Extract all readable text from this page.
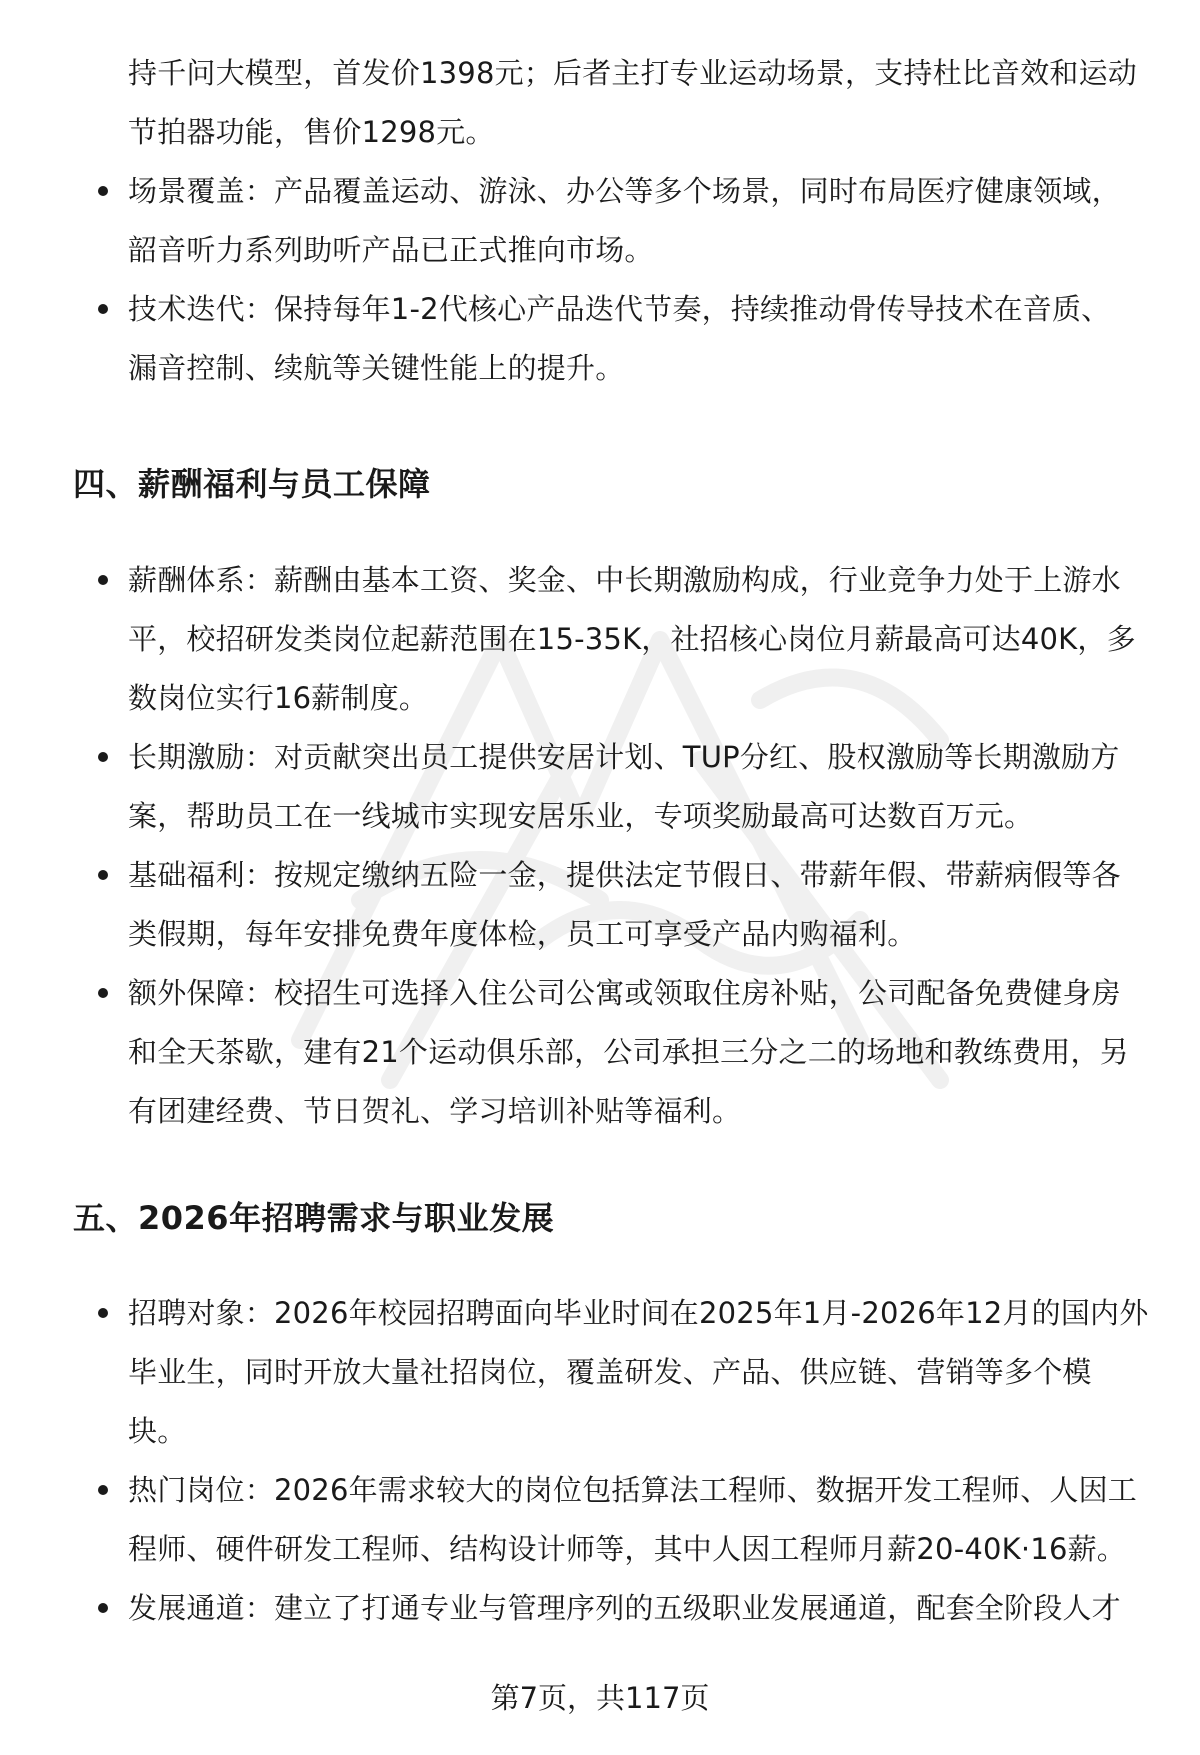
持千问大模型，首发价1398元；后者主打专业运动场景，支持杜比音效和运动
节拍器功能，售价1298元。
场景覆盖：产品覆盖运动、游泳、办公等多个场景，同时布局医疗健康领域，
韶音听力系列助听产品已正式推向市场。
技术迭代：保持每年1-2代核心产品迭代节奏，持续推动骨传导技术在音质、
漏音控制、续航等关键性能上的提升。
四、薪酬福利与员工保障
薪酬体系：薪酬由基本工资、奖金、中长期激励构成，行业竞争力处于上游水
平，校招研发类岗位起薪范围在15-35K，社招核心岗位月薪最高可达40K，多
数岗位实行16薪制度。
长期激励：对贡献突出员工提供安居计划、TUP分红、股权激励等长期激励方
案，帮助员工在一线城市实现安居乐业，专项奖励最高可达数百万元。
基础福利：按规定缴纳五险一金，提供法定节假日、带薪年假、带薪病假等各
类假期，每年安排免费年度体检，员工可享受产品内购福利。
额外保障：校招生可选择入住公司公寓或领取住房补贴，公司配备免费健身房
和全天茶歇，建有21个运动俱乐部，公司承担三分之二的场地和教练费用，另
有团建经费、节日贺礼、学习培训补贴等福利。
五、2026年招聘需求与职业发展
招聘对象：2026年校园招聘面向毕业时间在2025年1月-2026年12月的国内外
毕业生，同时开放大量社招岗位，覆盖研发、产品、供应链、营销等多个模
块。
热门岗位：2026年需求较大的岗位包括算法工程师、数据开发工程师、人因工
程师、硬件研发工程师、结构设计师等，其中人因工程师月薪20-40K·16薪。
发展通道：建立了打通专业与管理序列的五级职业发展通道，配套全阶段人才
第7页，共117页
